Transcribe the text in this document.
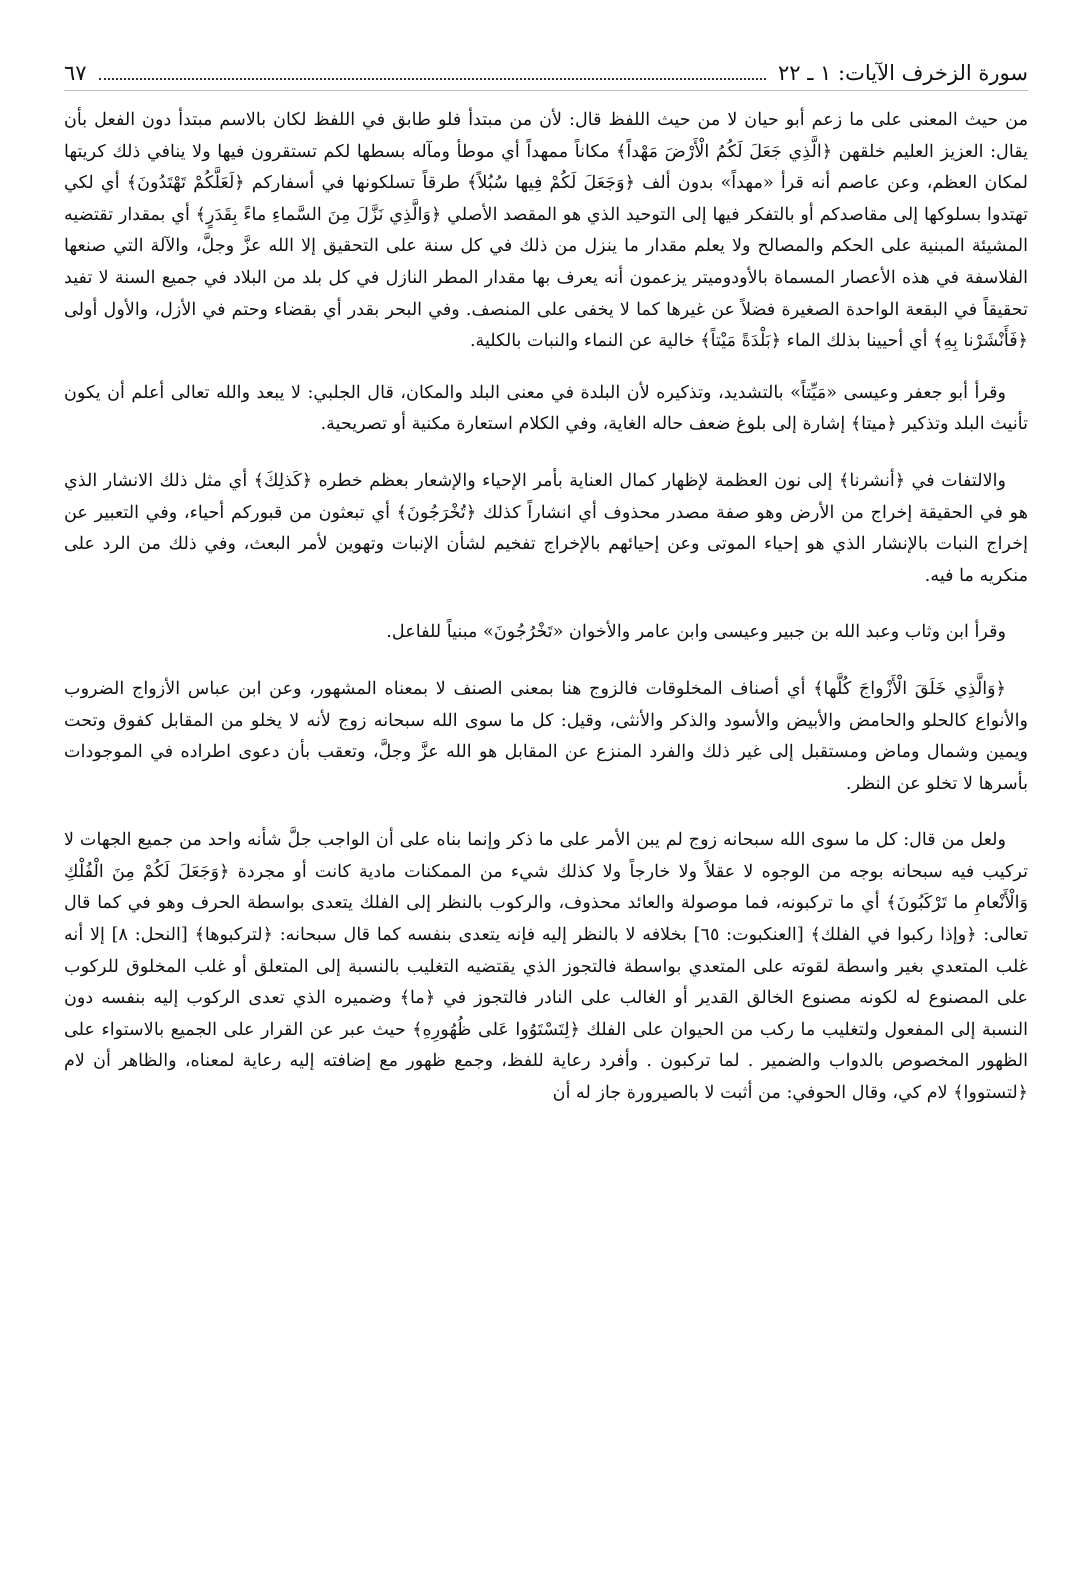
سورة الزخرف الآيات: ١ ـ ٢٢
٦٧

من حيث المعنى على ما زعم أبو حيان لا من حيث اللفظ قال: لأن من مبتدأ فلو طابق في اللفظ لكان بالاسم مبتدأ دون الفعل بأن يقال: العزيز العليم خلقهن ﴿الَّذِي جَعَلَ لَكُمُ الْأَرْضَ مَهْداً﴾ مكاناً ممهداً أي موطأ ومآله بسطها لكم تستقرون فيها ولا ينافي ذلك كريتها لمكان العظم، وعن عاصم أنه قرأ «مهداً» بدون ألف ﴿وَجَعَلَ لَكُمْ فِيها سُبُلاً﴾ طرقاً تسلكونها في أسفاركم ﴿لَعَلَّكُمْ تَهْتَدُونَ﴾ أي لكي تهتدوا بسلوكها إلى مقاصدكم أو بالتفكر فيها إلى التوحيد الذي هو المقصد الأصلي ﴿وَالَّذِي نَزَّلَ مِنَ السَّماءِ ماءً بِقَدَرٍ﴾ أي بمقدار تقتضيه المشيئة المبنية على الحكم والمصالح ولا يعلم مقدار ما ينزل من ذلك في كل سنة على التحقيق إلا الله عزَّ وجلَّ، والآلة التي صنعها الفلاسفة في هذه الأعصار المسماة بالأودوميتر يزعمون أنه يعرف بها مقدار المطر النازل في كل بلد من البلاد في جميع السنة لا تفيد تحقيقاً في البقعة الواحدة الصغيرة فضلاً عن غيرها كما لا يخفى على المنصف. وفي البحر بقدر أي بقضاء وحتم في الأزل، والأول أولى ﴿فَأَنْشَرْنا بِهِ﴾ أي أحيينا بذلك الماء ﴿بَلْدَةً مَيْتاً﴾ خالية عن النماء والنبات بالكلية.

وقرأ أبو جعفر وعيسى «مَيِّتاً» بالتشديد، وتذكيره لأن البلدة في معنى البلد والمكان، قال الجلبي: لا يبعد والله تعالى أعلم أن يكون تأنيث البلد وتذكير ﴿ميتا﴾ إشارة إلى بلوغ ضعف حاله الغاية، وفي الكلام استعارة مكنية أو تصريحية.

والالتفات في ﴿أنشرنا﴾ إلى نون العظمة لإظهار كمال العناية بأمر الإحياء والإشعار بعظم خطره ﴿كَذلِكَ﴾ أي مثل ذلك الانشار الذي هو في الحقيقة إخراج من الأرض وهو صفة مصدر محذوف أي انشاراً كذلك ﴿تُخْرَجُونَ﴾ أي تبعثون من قبوركم أحياء، وفي التعبير عن إخراج النبات بالإنشار الذي هو إحياء الموتى وعن إحيائهم بالإخراج تفخيم لشأن الإنبات وتهوين لأمر البعث، وفي ذلك من الرد على منكريه ما فيه.

وقرأ ابن وثاب وعبد الله بن جبير وعيسى وابن عامر والأخوان «تَخْرُجُونَ» مبنياً للفاعل.

﴿وَالَّذِي خَلَقَ الْأَزْواجَ كُلَّها﴾ أي أصناف المخلوقات فالزوج هنا بمعنى الصنف لا بمعناه المشهور، وعن ابن عباس الأزواج الضروب والأنواع كالحلو والحامض والأبيض والأسود والذكر والأنثى، وقيل: كل ما سوى الله سبحانه زوج لأنه لا يخلو من المقابل كفوق وتحت ويمين وشمال وماض ومستقبل إلى غير ذلك والفرد المنزع عن المقابل هو الله عزَّ وجلَّ، وتعقب بأن دعوى اطراده في الموجودات بأسرها لا تخلو عن النظر.

ولعل من قال: كل ما سوى الله سبحانه زوج لم يبن الأمر على ما ذكر وإنما بناه على أن الواجب جلَّ شأنه واحد من جميع الجهات لا تركيب فيه سبحانه بوجه من الوجوه لا عقلاً ولا خارجاً ولا كذلك شيء من الممكنات مادية كانت أو مجردة ﴿وَجَعَلَ لَكُمْ مِنَ الْفُلْكِ وَالْأَنْعامِ ما تَرْكَبُونَ﴾ أي ما تركبونه، فما موصولة والعائد محذوف، والركوب بالنظر إلى الفلك يتعدى بواسطة الحرف وهو في كما قال تعالى: ﴿وإذا ركبوا في الفلك﴾ [العنكبوت: ٦٥] بخلافه لا بالنظر إليه فإنه يتعدى بنفسه كما قال سبحانه: ﴿لتركبوها﴾ [النحل: ٨] إلا أنه غلب المتعدي بغير واسطة لقوته على المتعدي بواسطة فالتجوز الذي يقتضيه التغليب بالنسبة إلى المتعلق أو غلب المخلوق للركوب على المصنوع له لكونه مصنوع الخالق القدير أو الغالب على النادر فالتجوز في ﴿ما﴾ وضميره الذي تعدى الركوب إليه بنفسه دون النسبة إلى المفعول ولتغليب ما ركب من الحيوان على الفلك ﴿لِتَسْتَوُوا عَلى ظُهُورِهِ﴾ حيث عبر عن القرار على الجميع بالاستواء على الظهور المخصوص بالدواب والضمير . لما تركبون . وأفرد رعاية للفظ، وجمع ظهور مع إضافته إليه رعاية لمعناه، والظاهر أن لام ﴿لتستووا﴾ لام كي، وقال الحوفي: من أثبت لا بالصيرورة جاز له أن
